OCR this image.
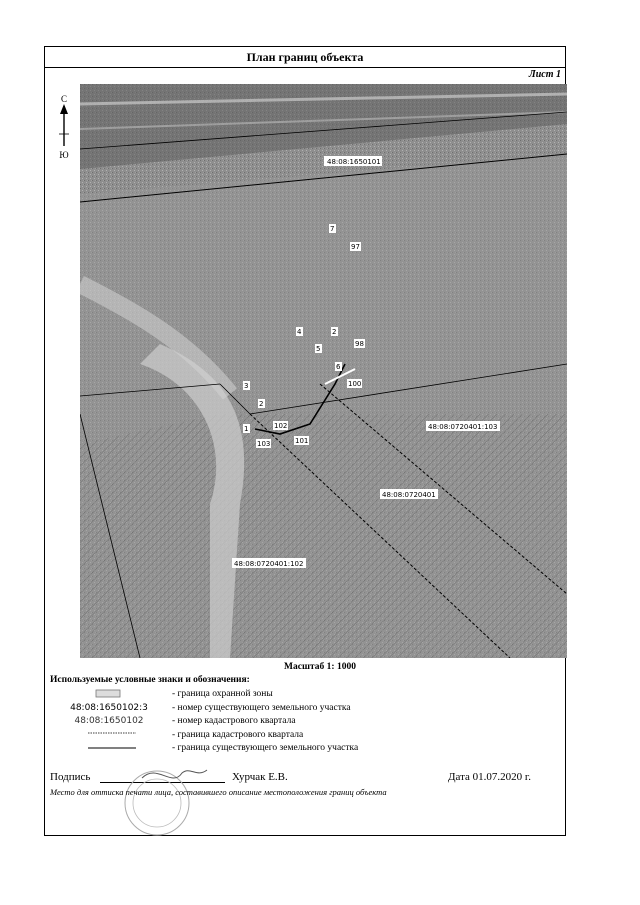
План границ объекта
Лист 1
С
Ю
48:08:1650101
48:08:0720401:103
48:08:0720401
48:08:0720401:102
7
97
4	2
5
98
6
100
3
2
1	102
101
103
Масштаб 1: 1000
Используемые условные знаки и обозначения:
- граница охранной зоны
48:08:1650102:3	- номер существующего земельного участка
48:08:1650102	- номер кадастрового квартала
- граница кадастрового квартала
- граница существующего земельного участка
Подпись	Хурчак Е.В.	Дата 01.07.2020 г.
Место для оттиска печати лица, составившего описание местоположения границ объекта
